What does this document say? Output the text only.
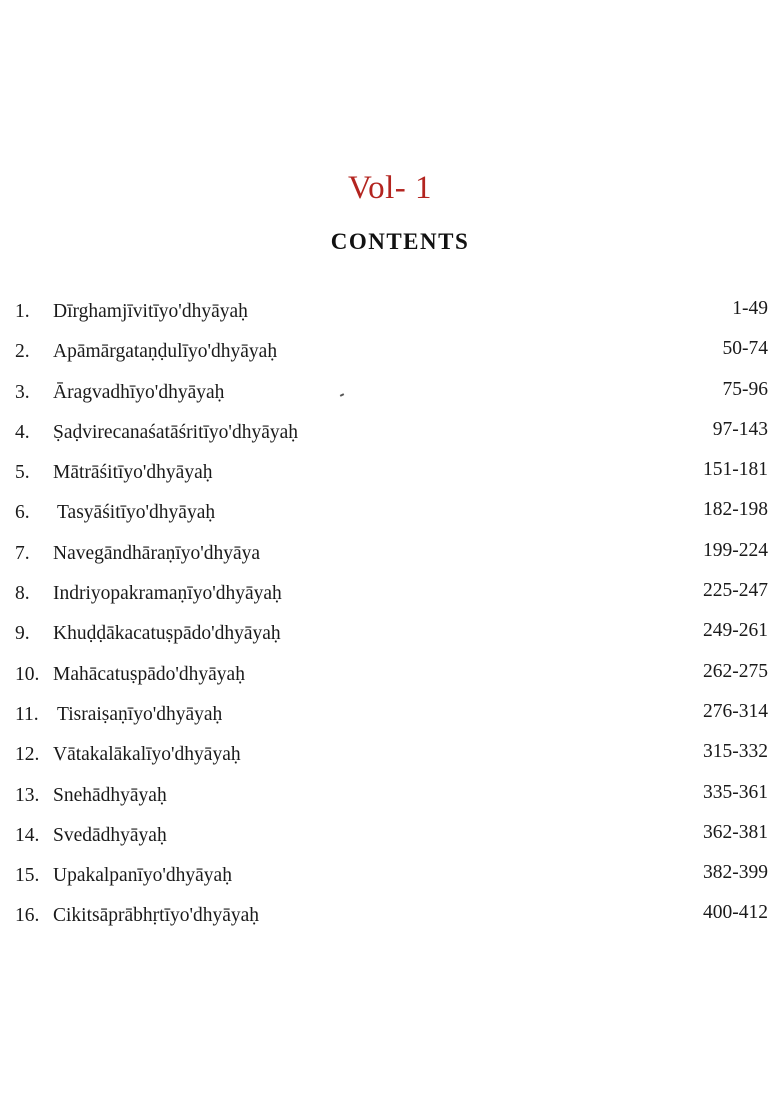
Vol- 1
CONTENTS
1. Dīrghamjīvitīyo'dhyāyaḥ	1-49
2. Apāmārgataṇḍulīyo'dhyāyaḥ	50-74
3. Āragvadhīyo'dhyāyaḥ	75-96
4. Ṣaḍvirecanaśatāśritīyo'dhyāyaḥ	97-143
5. Mātrāśitīyo'dhyāyaḥ	151-181
6. Tasyāśitīyo'dhyāyaḥ	182-198
7. Navegāndhāraṇīyo'dhyāya	199-224
8. Indriyopakramaṇīyo'dhyāyaḥ	225-247
9. Khuḍḍākacatuṣpādo'dhyāyaḥ	249-261
10. Mahācatuṣpādo'dhyāyaḥ	262-275
11. Tisraiṣaṇīyo'dhyāyaḥ	276-314
12. Vātakalākalīyo'dhyāyaḥ	315-332
13. Snehādhyāyaḥ	335-361
14. Svedādhyāyaḥ	362-381
15. Upakalpanīyo'dhyāyaḥ	382-399
16. Cikitsāprābhṛtīyo'dhyāyaḥ	400-412
